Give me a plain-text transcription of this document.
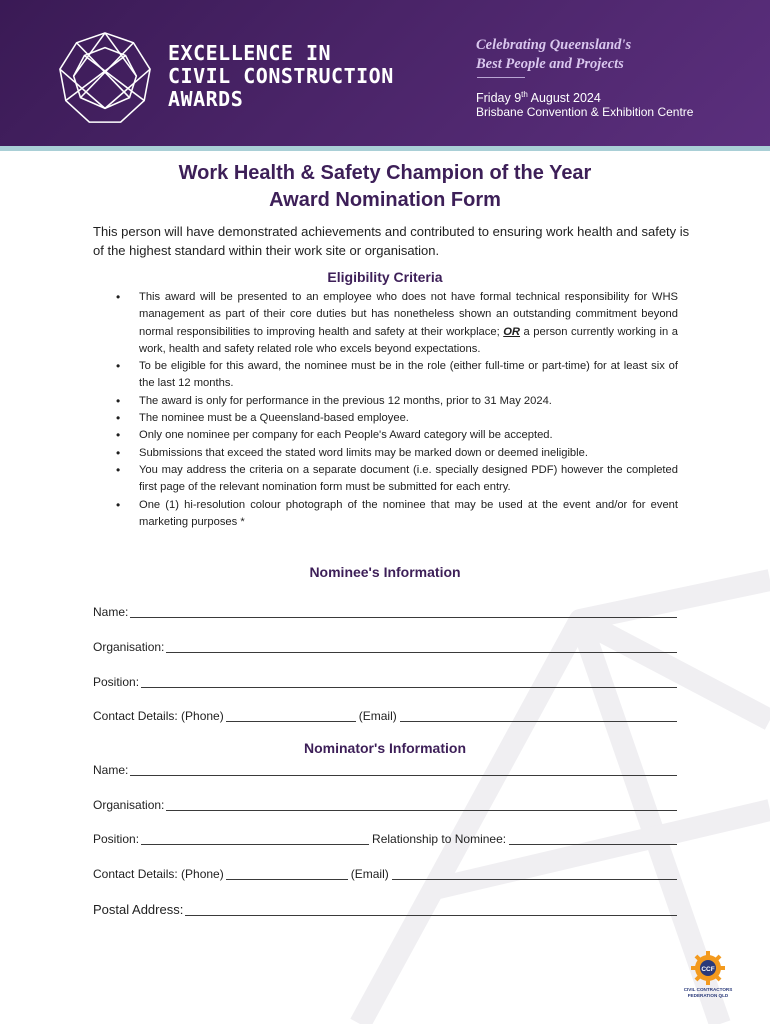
EXCELLENCE IN
CIVIL CONSTRUCTION
AWARDS
Celebrating Queensland's
Best People and Projects
Friday 9th August 2024
Brisbane Convention & Exhibition Centre
Work Health & Safety Champion of the Year
Award Nomination Form

This person will have demonstrated achievements and contributed to ensuring work health and safety is of the highest standard within their work site or organisation.

Eligibility Criteria
• This award will be presented to an employee who does not have formal technical responsibility for WHS management as part of their core duties but has nonetheless shown an outstanding commitment beyond normal responsibilities to improving health and safety at their workplace; OR a person currently working in a work, health and safety related role who excels beyond expectations.
• To be eligible for this award, the nominee must be in the role (either full-time or part-time) for at least six of the last 12 months.
• The award is only for performance in the previous 12 months, prior to 31 May 2024.
• The nominee must be a Queensland-based employee.
• Only one nominee per company for each People's Award category will be accepted.
• Submissions that exceed the stated word limits may be marked down or deemed ineligible.
• You may address the criteria on a separate document (i.e. specially designed PDF) however the completed first page of the relevant nomination form must be submitted for each entry.
• One (1) hi-resolution colour photograph of the nominee that may be used at the event and/or for event marketing purposes *
Nominee's Information
Name:
Organisation:
Position:
Contact Details: (Phone)	(Email)
Nominator's Information
Name:
Organisation:
Position:	Relationship to Nominee:
Contact Details: (Phone)	(Email)
Postal Address:
CCF
CIVIL CONTRACTORS
FEDERATION QLD
